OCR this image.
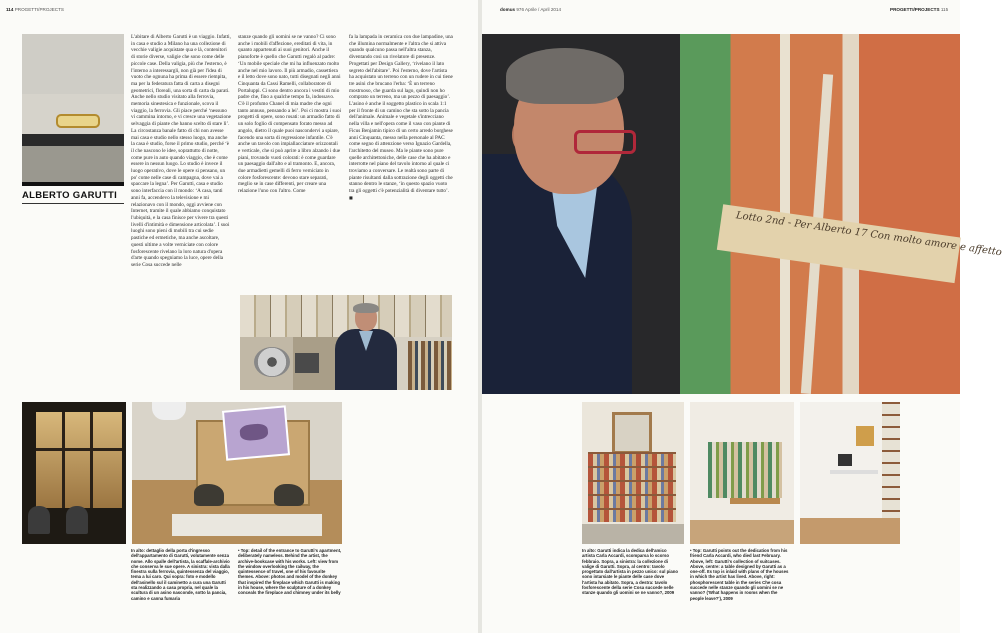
114 PROGETTI/PROJECTS
ALBERTO GARUTTI
L'abitare di Alberto Garutti è un viaggio. Infatti, in casa e studio a Milano ha una collezione di vecchie valigie acquistate qua e là, contenitori di storie diverse, valigie che sono come delle piccole case. Della valigia, più che l'esterno, è l'interno a interessargli, non già per l'idea di vuoto che ognuna ha prima di essere riempita, ma per la federatura fatta di carta a disegni geometrici, floreali, una sorta di carta da parati. Anche nello studio visitato alla ferrovia, memoria sinestesica e funzionale, scova il viaggio, la ferrovia. Gli piace perché ‘nessuno vi cammina intorno, e vi cresce una vegetazione selvaggia di piante che hanno scelto di stare lì’. La circostanza banale fatto di chi non avesse mai casa e studio nello stesso luogo, ma anche la casa è studio, forse il primo studio, perché ‘è il che nascono le idee, soprattutto di notte, come pure in auto quando viaggio, che è come essere in nessun luogo. Lo studio è invece il luogo operativo, dove le opere si pensano, un po' come nelle case di campagna, dove vai a spaccare la legna’. Per Garutti, casa e studio sono interfaccia con il mondo: ‘A casa, tanti anni fa, accendevo la televisione e mi relazionavo con il mondo, oggi avviene con Internet, tramite il quale abbiamo conquistato l'ubiquità, e la casa finisce per vivere tra questi livelli d'intimità e dimensione articolata’. I suoi luoghi sono pieni di mobili tra cui sedie pastiche ed ermetiche, ma anche ascoltare, questi ultime a volte verniciate con colore fosforescente rivelano la loro natura d'opera d'arte quando spegniamo la luce, opere della serie Cosa succede nelle
stanze quando gli uomini se ne vanno? Ci sono anche i mobili d'affezione, ereditati di vita, in quanto appartenuti ai suoi genitori. Anche il pianoforte è quello che Garutti regalò al padre: ‘Un mobile speciale che mi ha influenzato molto anche nel mio lavoro. Il più armadio, cassettiera e il letto dove sono nato, tutti disegnati negli anni Cinquanta da Cassi Ramelli, collaboratore di Portaluppi. Ci sono dentro ancora i vestiti di mio padre che, fino a qualche tempo fa, indossavo. C'è il profumo Chanel di mia madre che ogni tanto annuso, pensando a lei’. Poi ci mostra i suoi progetti di opere, sono rosati: un armadio fatto di un solo foglio di compensato forato messo ad angolo, dietro il quale puoi nascondervi a spiare, facendo una sorta di regressione infantile. C'è anche un tavolo con impiallacciature orizzontali e verticale, che si può aprire a libro alzando i due piani, trovando vuoti colorati: è come guardare un paesaggio dall'alto e al tramonto. E, ancora, due armadietti gemelli di ferro verniciato in colore fosforescente: devono stare separati, meglio se in case differenti, per creare una relazione l'uno con l'altro. Come
fa la lampada in ceramica con due lampadine, una che illumina normalmente e l'altra che si attiva quando qualcuno passa nell'altra stanza, diventando così un rivelatore di presenze. Progettati per Design Gallery, ‘rivelano il lato segreto dell'abitare’. Poi l'esterno, dove l'artista ha acquistato un terreno con un rudere in cui tiene tre asini che brucano l'erba: ‘È un terreno mostruoso, che guarda sul lago, quindi non ho comprato un terreno, ma un pezzo di paesaggio’. L'asino è anche il soggetto plastico in scala 1:1 per il fronte di un camino che sta sotto la pancia dell'animale. Animale e vegetale s'intrecciano nella villa e nell'opera come il vaso con piante di Ficus Benjamin tipico di un certo arredo borghese anni Cinquanta, messo nella personale al PAC come segno di attenzione verso Ignazio Gardella, l'architetto del museo. Ma le piante sono pure quelle architettoniche, delle case che ha abitato e interrotte nel piano del tavolo intorno al quale ci troviamo a conversare. Le realtà sono parte di piante risultanti dalla sottrazione degli oggetti che stanno dentro le stanze, ‘in questo spazio vuoto tra gli oggetti c'è potenzialità di diventare tutto’. ■
In alto: dettaglio della porta d'ingresso dell'appartamento di Garutti, volutamente senza nome. Allo spalle dell'artista, la scaffale-archivio che conserva le sue opere. A sinistra: vista dalla finestra sulla ferrovia, quintessenza del viaggio, tema a lui caro. Qui sopra: foto e modello dell'asinello sul il caminetto a cura una Garutti sta realizzando a casa propria, nel quale la scultura di un asino nasconde, sotto la pancia, camino e canna fumaria
• Top: detail of the entrance to Garutti's apartment, deliberately nameless. Behind the artist, the archive-bookcase with his works. Left: view from the window overlooking the railway, the quintessence of travel, one of his favourite themes. Above: photos and model of the donkey that inspired the fireplace which Garutti is making in his house, where the sculpture of a donkey conceals the fireplace and chimney under its belly
domus 976 Aprile / April 2014	PROGETTI/PROJECTS 115
Lotto 2nd - Per Alberto 17 Con molto amore e affetto
In alto: Garutti indica la dedica dell'amico artista Carla Accardi, scomparsa lo scorso febbraio. Sopra, a sinistra: la collezione di valige di Garutti. Sopra, al centro: tavolo progettato dall'artista in pezzo unico: sul piano sono intarsiate le piante delle case dove l'artista ha abitato. Sopra, a destra: tavolo fosforescente della serie Cosa succede nelle stanze quando gli uomini se ne vanno?, 2009
• Top: Garutti points out the dedication from his friend Carla Accardi, who died last February. Above, left: Garutti's collection of suitcases. Above, centre: a table designed by Garutti as a one-off. Its top is inlaid with plans of the houses in which the artist has lived. Above, right: phosphorescent table in the series Che cosa succede nelle stanze quando gli uomini se ne vanno? ('What happens in rooms when the people leave?'), 2009
